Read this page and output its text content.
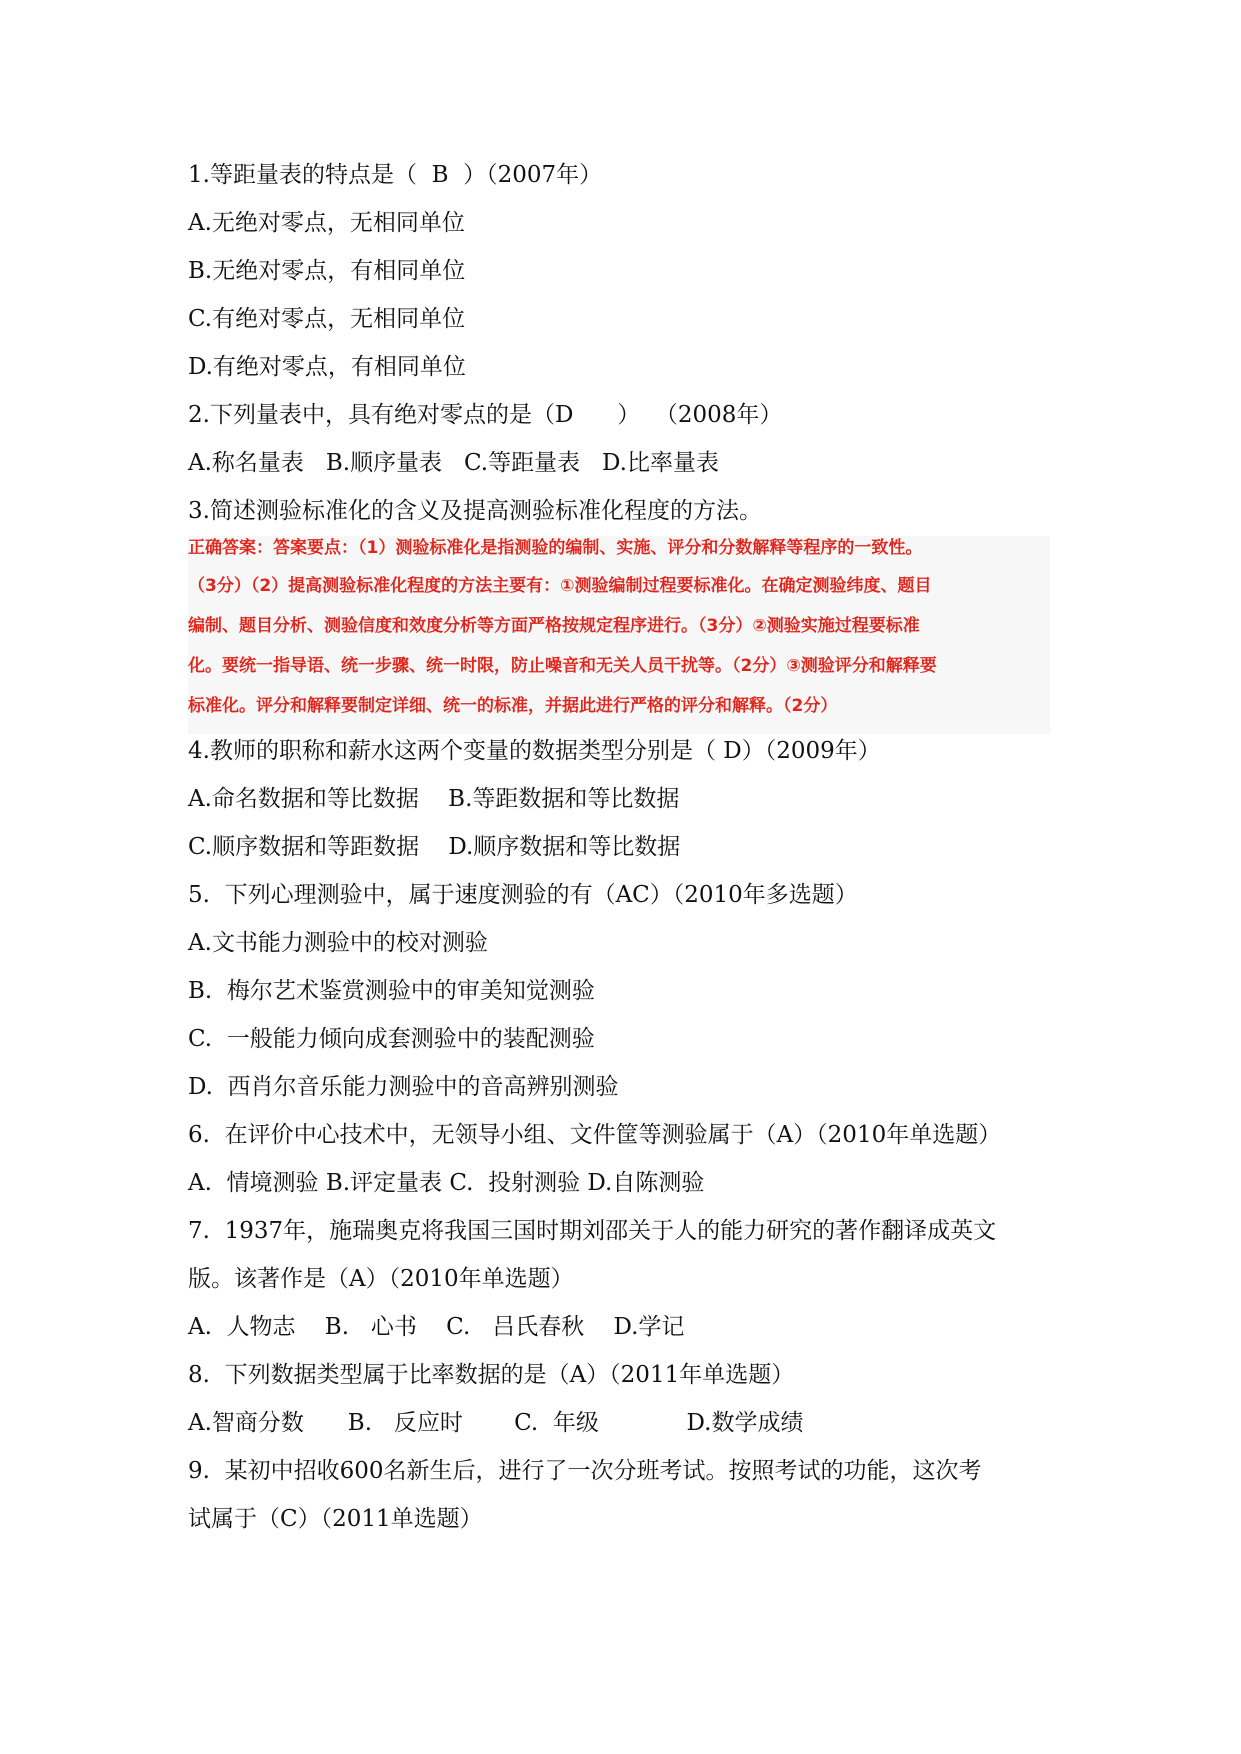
1.等距量表的特点是（  B  ）（2007年）
A.无绝对零点，无相同单位
B.无绝对零点，有相同单位
C.有绝对零点，无相同单位
D.有绝对零点，有相同单位
2.下列量表中，具有绝对零点的是（D      ）  （2008年）
A.称名量表   B.顺序量表   C.等距量表   D.比率量表
3.简述测验标准化的含义及提高测验标准化程度的方法。
正确答案：答案要点：（1）测验标准化是指测验的编制、实施、评分和分数解释等程序的一致性。
（3分）（2）提高测验标准化程度的方法主要有：①测验编制过程要标准化。在确定测验纬度、题目
编制、题目分析、测验信度和效度分析等方面严格按规定程序进行。（3分）②测验实施过程要标准
化。要统一指导语、统一步骤、统一时限，防止噪音和无关人员干扰等。（2分）③测验评分和解释要
标准化。评分和解释要制定详细、统一的标准，并据此进行严格的评分和解释。（2分）
4.教师的职称和薪水这两个变量的数据类型分别是（ D）（2009年）
A.命名数据和等比数据    B.等距数据和等比数据
C.顺序数据和等距数据    D.顺序数据和等比数据
5.  下列心理测验中，属于速度测验的有（AC）（2010年多选题）
A.文书能力测验中的校对测验
B.  梅尔艺术鉴赏测验中的审美知觉测验
C.  一般能力倾向成套测验中的装配测验
D.  西肖尔音乐能力测验中的音高辨别测验
6.  在评价中心技术中，无领导小组、文件筐等测验属于（A）（2010年单选题）
A.  情境测验 B.评定量表 C.  投射测验 D.自陈测验
7.  1937年，施瑞奥克将我国三国时期刘邵关于人的能力研究的著作翻译成英文
版。该著作是（A）（2010年单选题）
A.  人物志    B.   心书    C.   吕氏春秋    D.学记
8.  下列数据类型属于比率数据的是（A）（2011年单选题）
A.智商分数      B.   反应时       C.  年级            D.数学成绩
9.  某初中招收600名新生后，进行了一次分班考试。按照考试的功能，这次考
试属于（C）（2011单选题）
